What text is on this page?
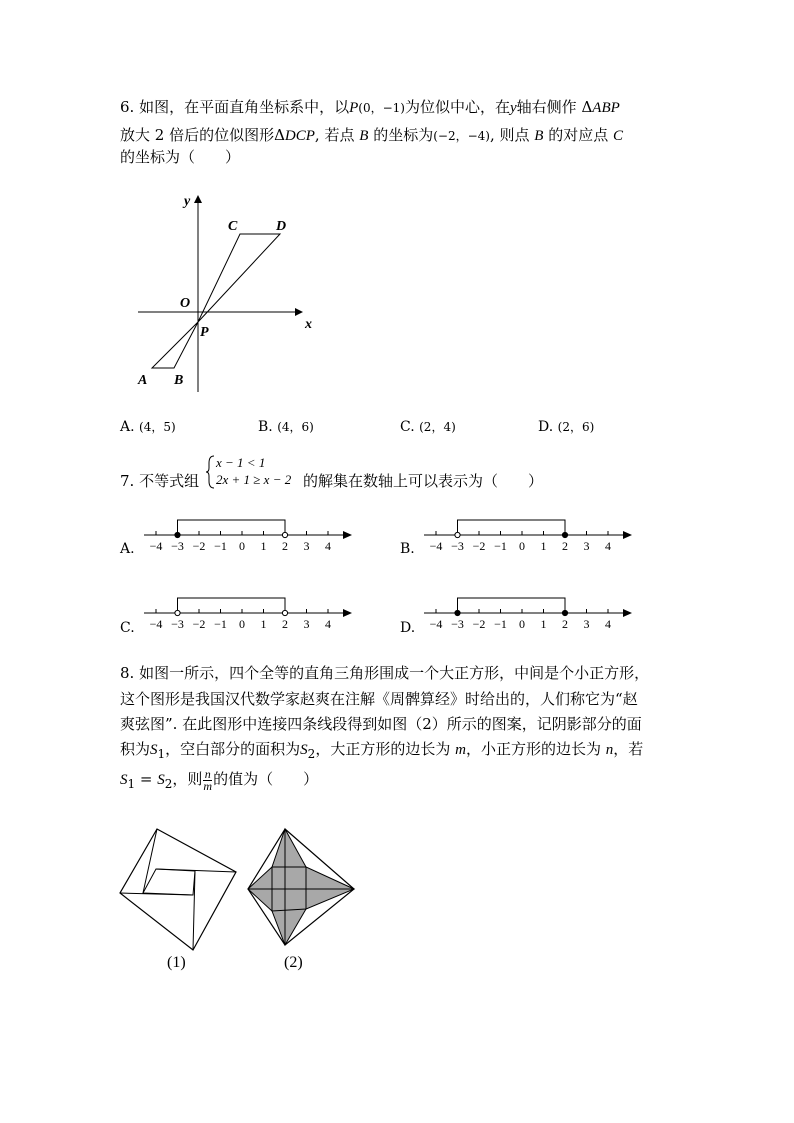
6. 如图，在平面直角坐标系中，以P(0，−1)为位似中心，在y轴右侧作 ΔABP
放大 2 倍后的位似图形ΔDCP, 若点 B 的坐标为(−2，−4), 则点 B 的对应点 C
的坐标为（　　）
y
x
O
P
A B
C	D
A. (4，5)	B. (4，6)	C. (2，4)	D. (2，6)
7. 不等式组
x − 1 < 1
2x + 1 ≥ x − 2 的解集在数轴上可以表示为（　　）
−4 −3 −2 −1 0 1 2 3 4	−4 −3 −2 −1 0 1 2 3 4
−4 −3 −2 −1 0 1 2 3 4	−4 −3 −2 −1 0 1 2 3 4
A.	B.
C.	D.
8. 如图一所示，四个全等的直角三角形围成一个大正方形，中间是个小正方形，
这个图形是我国汉代数学家赵爽在注解《周髀算经》时给出的，人们称它为“赵
爽弦图”. 在此图形中连接四条线段得到如图（2）所示的图案，记阴影部分的面
积为$S_1$，空白部分的面积为$S_2$，大正方形的边长为 m，小正方形的边长为 n，若
$S_1 = S_2$，则 $\frac{n}{m}$ 的值为（　　）
(1)	(2)
